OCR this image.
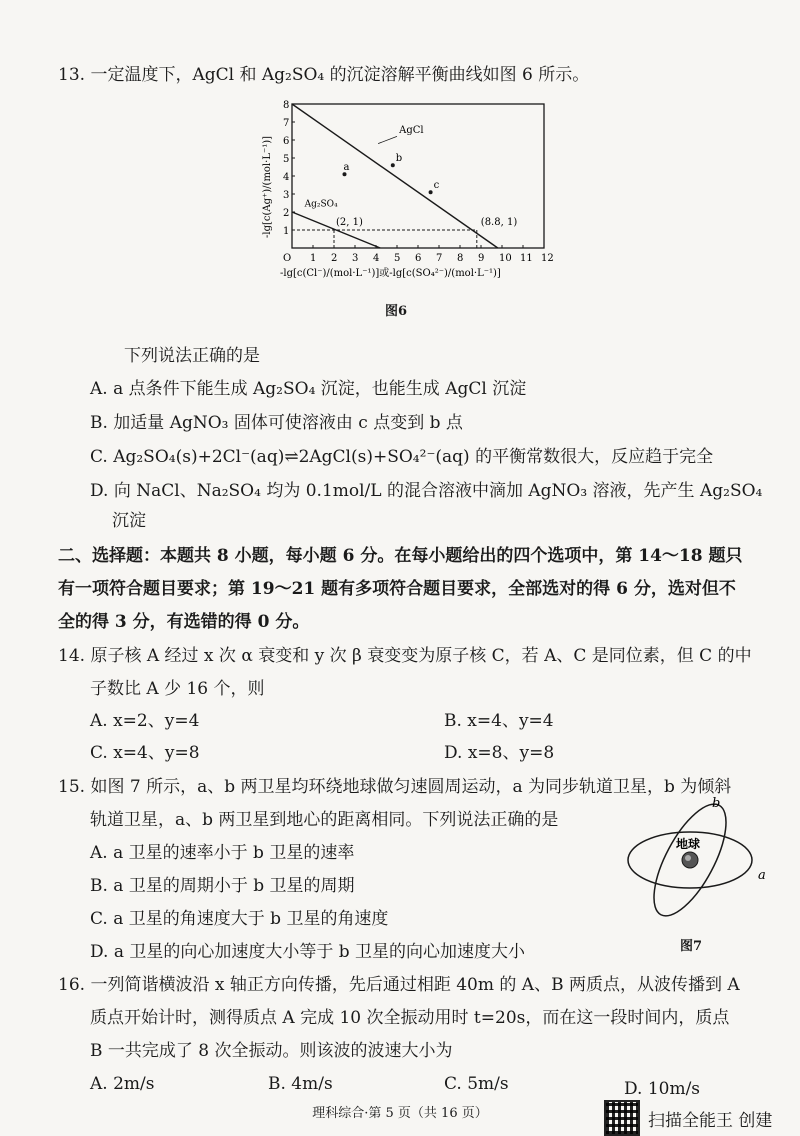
13. 一定温度下，AgCl 和 Ag₂SO₄ 的沉淀溶解平衡曲线如图 6 所示。
1 2 3 4 5 6 7 8 9 10 11 12
1
2
3
4
5
6
7
8
O
AgCl
Ag₂SO₄
(2, 1)	(8.8, 1)
a
b
c
-lg[c(Cl⁻)/(mol·L⁻¹)]或-lg[c(SO₄²⁻)/(mol·L⁻¹)]
-lg[c(Ag⁺)/(mol·L⁻¹)]
图6
下列说法正确的是
A. a 点条件下能生成 Ag₂SO₄ 沉淀，也能生成 AgCl 沉淀
B. 加适量 AgNO₃ 固体可使溶液由 c 点变到 b 点
C. Ag₂SO₄(s)+2Cl⁻(aq)⇌2AgCl(s)+SO₄²⁻(aq) 的平衡常数很大，反应趋于完全
D. 向 NaCl、Na₂SO₄ 均为 0.1mol/L 的混合溶液中滴加 AgNO₃ 溶液，先产生 Ag₂SO₄
沉淀
二、选择题：本题共 8 小题，每小题 6 分。在每小题给出的四个选项中，第 14～18 题只
有一项符合题目要求；第 19～21 题有多项符合题目要求，全部选对的得 6 分，选对但不
全的得 3 分，有选错的得 0 分。
14. 原子核 A 经过 x 次 α 衰变和 y 次 β 衰变变为原子核 C，若 A、C 是同位素，但 C 的中
子数比 A 少 16 个，则
A. x=2、y=4	B. x=4、y=4
C. x=4、y=8	D. x=8、y=8
15. 如图 7 所示，a、b 两卫星均环绕地球做匀速圆周运动，a 为同步轨道卫星，b 为倾斜
轨道卫星，a、b 两卫星到地心的距离相同。下列说法正确的是
A. a 卫星的速率小于 b 卫星的速率
B. a 卫星的周期小于 b 卫星的周期
C. a 卫星的角速度大于 b 卫星的角速度
D. a 卫星的向心加速度大小等于 b 卫星的向心加速度大小
地球
a
b
图7
16. 一列简谐横波沿 x 轴正方向传播，先后通过相距 40m 的 A、B 两质点，从波传播到 A
质点开始计时，测得质点 A 完成 10 次全振动用时 t=20s，而在这一段时间内，质点
B 一共完成了 8 次全振动。则该波的波速大小为
A. 2m/s	B. 4m/s	C. 5m/s	D. 10m/s
理科综合·第 5 页（共 16 页）	扫描全能王 创建
